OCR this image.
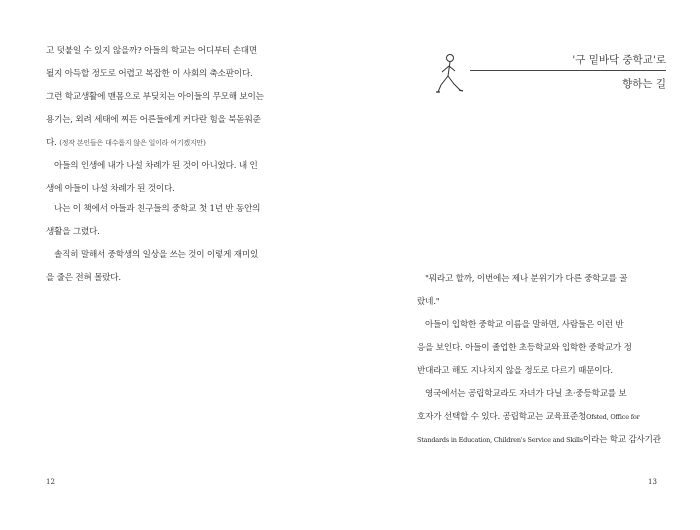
고 덧붙일 수 있지 않을까? 아들의 학교는 어디부터 손대면
될지 아득할 정도로 어렵고 복잡한 이 사회의 축소판이다.
그런 학교생활에 맨몸으로 부딪치는 아이들의 무모해 보이는
용기는, 외려 세태에 찌든 어른들에게 커다란 힘을 북돋워준
다. (정작 본인들은 대수롭지 않은 일이라 여기겠지만)
아들의 인생에 내가 나설 차례가 된 것이 아니었다. 내 인
생에 아들이 나설 차례가 된 것이다.
나는 이 책에서 아들과 친구들의 중학교 첫 1년 반 동안의
생활을 그렸다.
솔직히 말해서 중학생의 일상을 쓰는 것이 이렇게 재미있
을 줄은 전혀 몰랐다.
12
'구 밑바닥 중학교'로
향하는 길
"뭐라고 할까, 이번에는 제나 분위기가 다른 중학교를 골
랐네."
아들이 입학한 중학교 이름을 말하면, 사람들은 이런 반
응을 보인다. 아들이 졸업한 초등학교와 입학한 중학교가 정
반대라고 해도 지나치지 않을 정도로 다르기 때문이다.
영국에서는 공립학교라도 자녀가 다닐 초·중등학교를 보
호자가 선택할 수 있다. 공립학교는 교육표준청Ofsted, Office for
Standards in Education, Children's Service and Skills이라는 학교 감사기관
13
